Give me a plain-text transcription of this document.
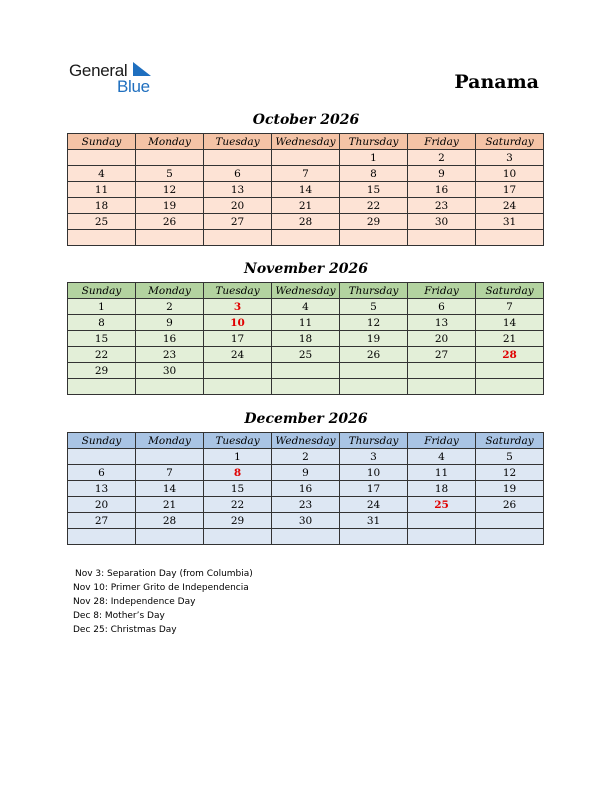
General
Blue	Panama
October 2026
Sunday	Monday	Tuesday	Wednesday	Thursday	Friday	Saturday
				1	2	3
4	5	6	7	8	9	10
11	12	13	14	15	16	17
18	19	20	21	22	23	24
25	26	27	28	29	30	31

November 2026
Sunday	Monday	Tuesday	Wednesday	Thursday	Friday	Saturday
1	2	3	4	5	6	7
8	9	10	11	12	13	14
15	16	17	18	19	20	21
22	23	24	25	26	27	28
29	30					

December 2026
Sunday	Monday	Tuesday	Wednesday	Thursday	Friday	Saturday
		1	2	3	4	5
6	7	8	9	10	11	12
13	14	15	16	17	18	19
20	21	22	23	24	25	26
27	28	29	30	31		

Nov 3: Separation Day (from Columbia)
Nov 10: Primer Grito de Independencia
Nov 28: Independence Day
Dec 8: Mother’s Day
Dec 25: Christmas Day
